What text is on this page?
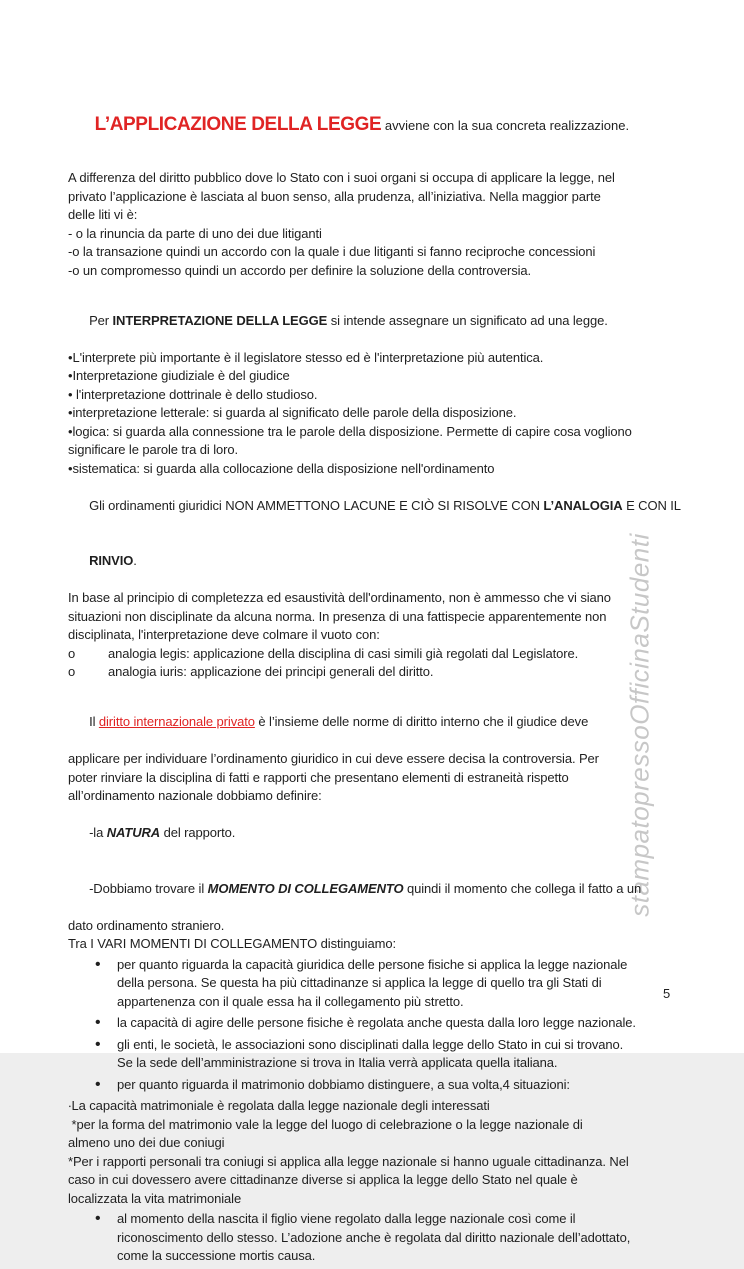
stampatopressoOfficinaStudenti

L’APPLICAZIONE DELLA LEGGE avviene con la sua concreta realizzazione.

A differenza del diritto pubblico dove lo Stato con i suoi organi si occupa di applicare la legge, nel
privato l’applicazione è lasciata al buon senso, alla prudenza, all’iniziativa. Nella maggior parte
delle liti vi è:
- o la rinuncia da parte di uno dei due litiganti
-o la transazione quindi un accordo con la quale i due litiganti si fanno reciproche concessioni
-o un compromesso quindi un accordo per definire la soluzione della controversia.

Per INTERPRETAZIONE DELLA LEGGE si intende assegnare un significato ad una legge.

•L'interprete più importante è il legislatore stesso ed è l'interpretazione più autentica.
•Interpretazione giudiziale è del giudice
• l'interpretazione dottrinale è dello studioso.
•interpretazione letterale: si guarda al significato delle parole della disposizione.
•logica: si guarda alla connessione tra le parole della disposizione. Permette di capire cosa vogliono
significare le parole tra di loro.
•sistematica: si guarda alla collocazione della disposizione nell'ordinamento

Gli ordinamenti giuridici NON AMMETTONO LACUNE E CIÒ SI RISOLVE CON L’ANALOGIA E CON IL

RINVIO.

In base al principio di completezza ed esaustività dell'ordinamento, non è ammesso che vi siano
situazioni non disciplinate da alcuna norma. In presenza di una fattispecie apparentemente non
disciplinata, l'interpretazione deve colmare il vuoto con:
o	analogia legis: applicazione della disciplina di casi simili già regolati dal Legislatore.
o	analogia iuris: applicazione dei principi generali del diritto.

Il diritto internazionale privato è l’insieme delle norme di diritto interno che il giudice deve

applicare per individuare l’ordinamento giuridico in cui deve essere decisa la controversia. Per
poter rinviare la disciplina di fatti e rapporti che presentano elementi di estraneità rispetto
all’ordinamento nazionale dobbiamo definire:

-la NATURA del rapporto.

-Dobbiamo trovare il MOMENTO DI COLLEGAMENTO quindi il momento che collega il fatto a un

dato ordinamento straniero.
Tra I VARI MOMENTI DI COLLEGAMENTO distinguiamo:
•	per quanto riguarda la capacità giuridica delle persone fisiche si applica la legge nazionale
della persona. Se questa ha più cittadinanze si applica la legge di quello tra gli Stati di
appartenenza con il quale essa ha il collegamento più stretto.
•	la capacità di agire delle persone fisiche è regolata anche questa dalla loro legge nazionale.
•	gli enti, le società, le associazioni sono disciplinati dalla legge dello Stato in cui si trovano.
Se la sede dell’amministrazione si trova in Italia verrà applicata quella italiana.
•	per quanto riguarda il matrimonio dobbiamo distinguere, a sua volta,4 situazioni:
∙La capacità matrimoniale è regolata dalla legge nazionale degli interessati
*per la forma del matrimonio vale la legge del luogo di celebrazione o la legge nazionale di
almeno uno dei due coniugi
*Per i rapporti personali tra coniugi si applica alla legge nazionale si hanno uguale cittadinanza. Nel
caso in cui dovessero avere cittadinanze diverse si applica la legge dello Stato nel quale è
localizzata la vita matrimoniale
•	al momento della nascita il figlio viene regolato dalla legge nazionale così come il
riconoscimento dello stesso. L’adozione anche è regolata dal diritto nazionale dell’adottato,
come la successione mortis causa.
5
